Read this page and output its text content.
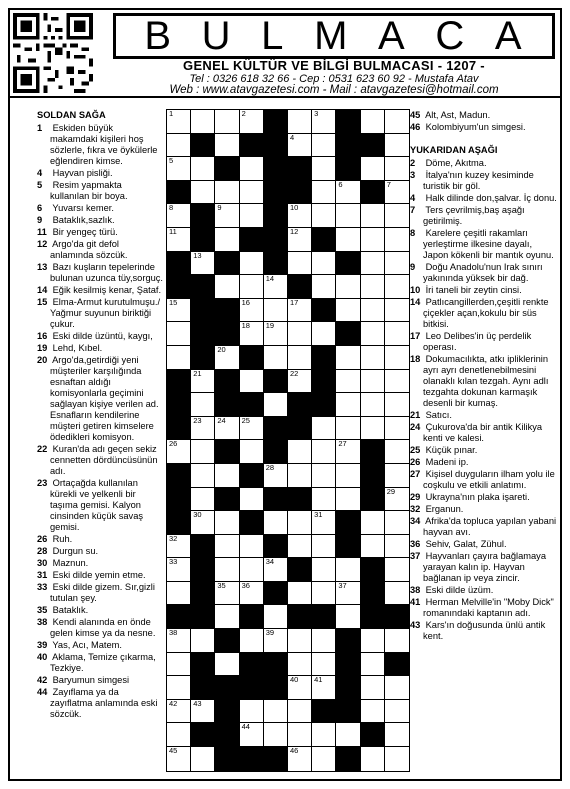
B U L M A C A
GENEL KÜLTÜR VE BİLGİ BULMACASI - 1207 -
Tel : 0326 618 32 66 - Cep : 0531 623 60 92 - Mustafa Atav
Web : www.atavgazetesi.com - Mail : atavgazetesi@hotmail.com
SOLDAN SAĞA
1 Eskiden büyük makamdaki kişileri hoş sözlerle, fıkra ve öykülerle eğlendiren kimse.
4 Hayvan pisliği.
5 Resim yapmakta kullanılan bir boya.
6 Yuvarsı kemer.
9 Bataklık,sazlık.
11 Bir yengeç türü.
12 Argo'da git defol anlamında sözcük.
13 Bazı kuşların tepelerinde bulunan uzunca tüy,sorguç.
14 Eğik kesilmiş kenar, Şataf.
15 Elma-Armut kurutulmuşu./ Yağmur suyunun biriktiği çukur.
16 Eski dilde üzüntü, kaygı,
19 Lehd, Kıbel.
20 Argo'da,getirdiği yeni müşteriler karşılığında esnaftan aldığı komisyonlarla geçimini sağlayan kişiye verilen ad. Esnafların kendilerine müşteri getiren kimselere ödedikleri komisyon.
22 Kuran'da adı geçen sekiz cennetten dördüncüsünün adı.
23 Ortaçağda kullanılan kürekli ve yelkenli bir taşıma gemisi. Kalyon cinsinden küçük savaş gemisi.
26 Ruh.
28 Durgun su.
30 Maznun.
31 Eski dilde yemin etme.
33 Eski dilde gizem. Sır,gizli tutulan şey.
35 Bataklık.
38 Kendi alanında en önde gelen kimse ya da nesne.
39 Yas, Acı, Matem.
40 Aklama, Temize çıkarma, Tezkiye.
42 Baryumun simgesi
44 Zayıflama ya da zayıflatma anlamında eski sözcük.
1	2	3
4
5
6	7
8	9	10
11	12
13
14
15	16	17
18 19
20
21	22
23 24 25
26	27
28
29
30	31
32
33	34
35 36	37
38	39
40 41
42 43
44
45	46
45 Alt, Ast, Madun.
46 Kolombiyum'un simgesi.
YUKARIDAN AŞAĞI
2 Döme, Akıtma.
3 İtalya'nın kuzey kesiminde turistik bir göl.
4 Halk dilinde don,şalvar. İç donu.
7 Ters çevrilmiş,baş aşağı getirilmiş.
8 Karelere çeşitli rakamları yerleştirme ilkesine dayalı, Japon kökenli bir mantık oyunu.
9 Doğu Anadolu'nun Irak sınırı yakınında yüksek bir dağ.
10 İri taneli bir zeytin cinsi.
14 Patlıcangillerden,çeşitli renkte çiçekler açan,kokulu bir süs bitkisi.
17 Leo Delibes'in üç perdelik operası.
18 Dokumacılıkta, atkı ipliklerinin ayrı ayrı denetlenebilmesini olanaklı kılan tezgah. Aynı adlı tezgahta dokunan karmaşık desenli bir kumaş.
21 Satıcı.
24 Çukurova'da bir antik Kilikya kenti ve kalesi.
25 Küçük pınar.
26 Madeni ip.
27 Kişisel duyguların ilham yolu ile coşkulu ve etkili anlatımı.
29 Ukrayna'nın plaka işareti.
32 Erganun.
34 Afrika'da topluca yapılan yabani hayvan avı.
36 Sehiv, Galat, Zühul.
37 Hayvanları çayıra bağlamaya yarayan kalın ip. Hayvan bağlanan ip veya zincir.
38 Eski dilde üzüm.
41 Herman Melville'in "Moby Dick" romanındaki kaptanın adı.
43 Kars'ın doğusunda ünlü antik kent.
